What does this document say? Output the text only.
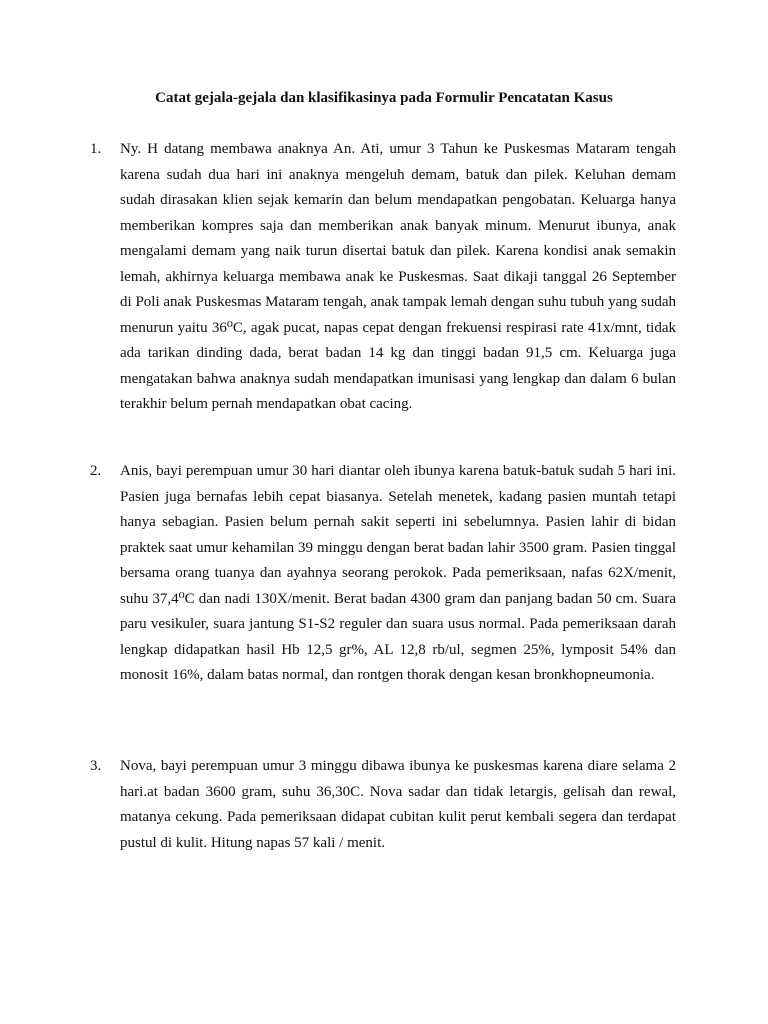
Catat gejala-gejala dan klasifikasinya pada Formulir Pencatatan Kasus
1. Ny. H datang membawa anaknya An. Ati, umur 3 Tahun ke Puskesmas Mataram tengah karena sudah dua hari ini anaknya mengeluh demam, batuk dan pilek. Keluhan demam sudah dirasakan klien sejak kemarin dan belum mendapatkan pengobatan. Keluarga hanya memberikan kompres saja dan memberikan anak banyak minum. Menurut ibunya, anak mengalami demam yang naik turun disertai batuk dan pilek. Karena kondisi anak semakin lemah, akhirnya keluarga membawa anak ke Puskesmas. Saat dikaji tanggal 26 September di Poli anak Puskesmas Mataram tengah, anak tampak lemah dengan suhu tubuh yang sudah menurun yaitu 36⁰C, agak pucat, napas cepat dengan frekuensi respirasi rate 41x/mnt, tidak ada tarikan dinding dada, berat badan 14 kg dan tinggi badan 91,5 cm. Keluarga juga mengatakan bahwa anaknya sudah mendapatkan imunisasi yang lengkap dan dalam 6 bulan terakhir belum pernah mendapatkan obat cacing.

2. Anis, bayi perempuan umur 30 hari diantar oleh ibunya karena batuk-batuk sudah 5 hari ini. Pasien juga bernafas lebih cepat biasanya. Setelah menetek, kadang pasien muntah tetapi hanya sebagian. Pasien belum pernah sakit seperti ini sebelumnya. Pasien lahir di bidan praktek saat umur kehamilan 39 minggu dengan berat badan lahir 3500 gram. Pasien tinggal bersama orang tuanya dan ayahnya seorang perokok. Pada pemeriksaan, nafas 62X/menit, suhu 37,4⁰C dan nadi 130X/menit. Berat badan 4300 gram dan panjang badan 50 cm. Suara paru vesikuler, suara jantung S1-S2 reguler dan suara usus normal. Pada pemeriksaan darah lengkap didapatkan hasil Hb 12,5 gr%, AL 12,8 rb/ul, segmen 25%, lymposit 54% dan monosit 16%, dalam batas normal, dan rontgen thorak dengan kesan bronkhopneumonia.

3. Nova, bayi perempuan umur 3 minggu dibawa ibunya ke puskesmas karena diare selama 2 hari.at badan 3600 gram, suhu 36,30C. Nova sadar dan tidak letargis, gelisah dan rewal, matanya cekung. Pada pemeriksaan didapat cubitan kulit perut kembali segera dan terdapat pustul di kulit. Hitung napas 57 kali / menit.
